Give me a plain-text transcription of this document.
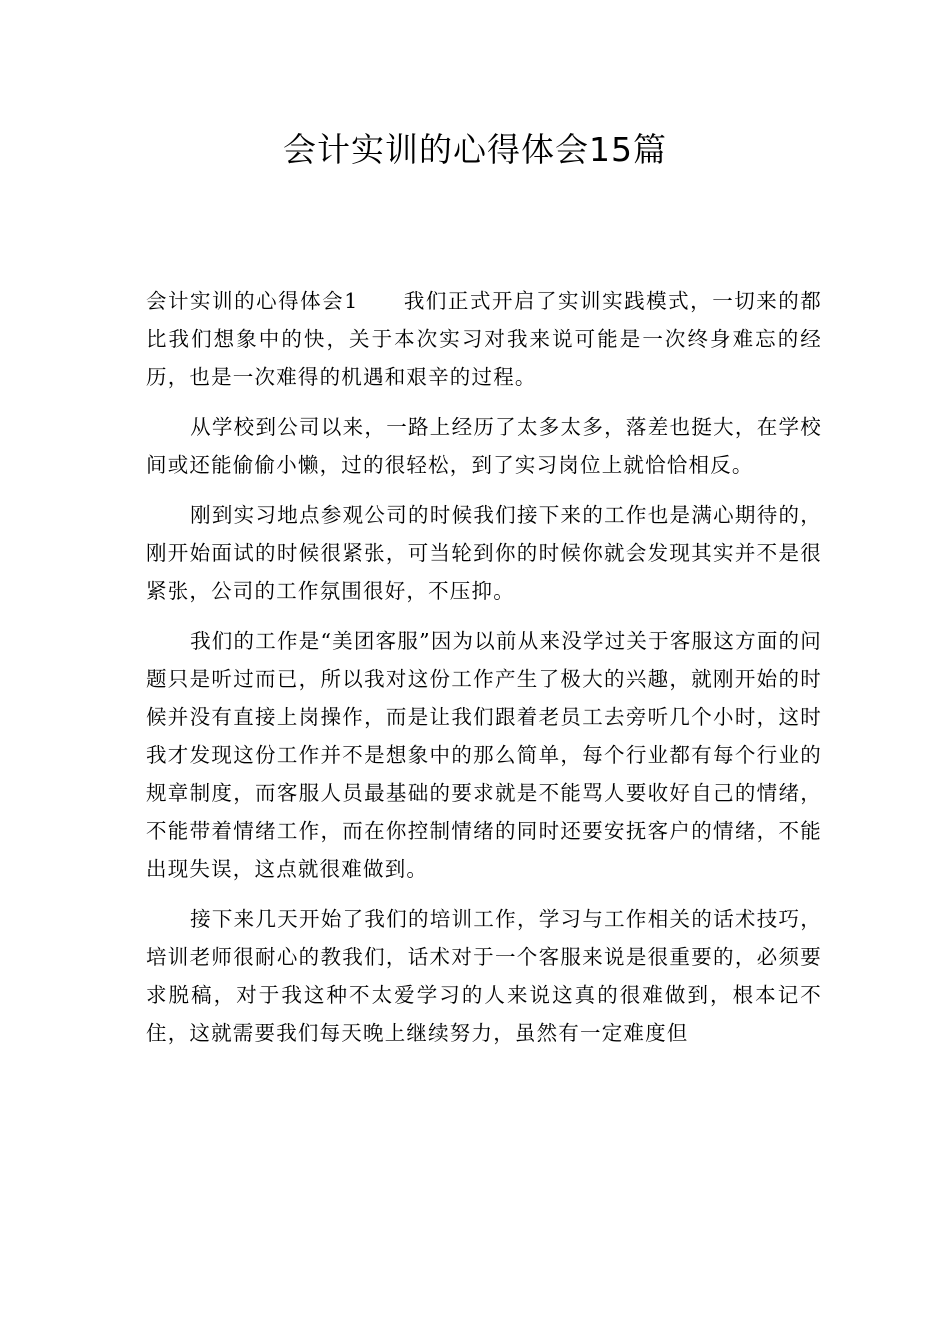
会计实训的心得体会15篇

会计实训的心得体会1 我们正式开启了实训实践模式，一切来的都比我们想象中的快，关于本次实习对我来说可能是一次终身难忘的经历，也是一次难得的机遇和艰辛的过程。

从学校到公司以来，一路上经历了太多太多，落差也挺大，在学校间或还能偷偷小懒，过的很轻松，到了实习岗位上就恰恰相反。

刚到实习地点参观公司的时候我们接下来的工作也是满心期待的，刚开始面试的时候很紧张，可当轮到你的时候你就会发现其实并不是很紧张，公司的工作氛围很好，不压抑。

我们的工作是“美团客服”因为以前从来没学过关于客服这方面的问题只是听过而已，所以我对这份工作产生了极大的兴趣，就刚开始的时候并没有直接上岗操作，而是让我们跟着老员工去旁听几个小时，这时我才发现这份工作并不是想象中的那么简单，每个行业都有每个行业的规章制度，而客服人员最基础的要求就是不能骂人要收好自己的情绪，不能带着情绪工作，而在你控制情绪的同时还要安抚客户的情绪，不能出现失误，这点就很难做到。

接下来几天开始了我们的培训工作，学习与工作相关的话术技巧，培训老师很耐心的教我们，话术对于一个客服来说是很重要的，必须要求脱稿，对于我这种不太爱学习的人来说这真的很难做到，根本记不住，这就需要我们每天晚上继续努力，虽然有一定难度但
